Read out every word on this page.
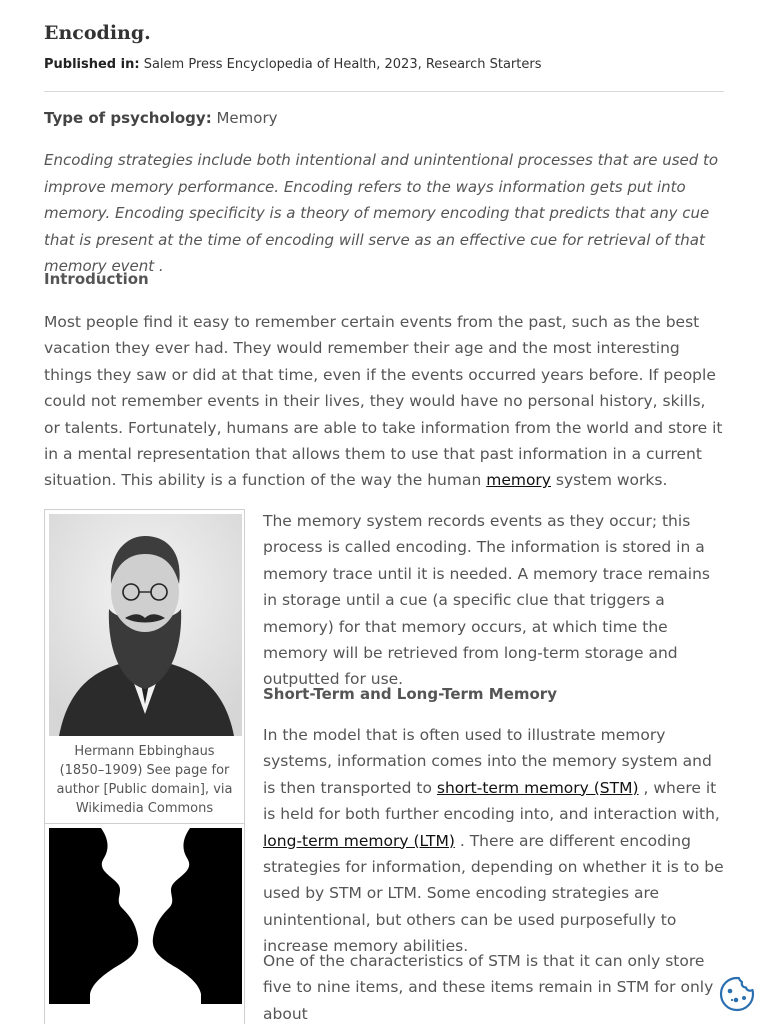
Encoding.
Published in: Salem Press Encyclopedia of Health, 2023, Research Starters
Type of psychology: Memory

Encoding strategies include both intentional and unintentional processes that are used to improve memory performance. Encoding refers to the ways information gets put into memory. Encoding specificity is a theory of memory encoding that predicts that any cue that is present at the time of encoding will serve as an effective cue for retrieval of that memory event .

Introduction

Most people find it easy to remember certain events from the past, such as the best vacation they ever had. They would remember their age and the most interesting things they saw or did at that time, even if the events occurred years before. If people could not remember events in their lives, they would have no personal history, skills, or talents. Fortunately, humans are able to take information from the world and store it in a mental representation that allows them to use that past information in a current situation. This ability is a function of the way the human memory system works.

Hermann Ebbinghaus (1850–1909) See page for author [Public domain], via Wikimedia Commons

The memory system records events as they occur; this process is called encoding. The information is stored in a memory trace until it is needed. A memory trace remains in storage until a cue (a specific clue that triggers a memory) for that memory occurs, at which time the memory will be retrieved from long-term storage and outputted for use.

Short-Term and Long-Term Memory

In the model that is often used to illustrate memory systems, information comes into the memory system and is then transported to short-term memory (STM) , where it is held for both further encoding into, and interaction with, long-term memory (LTM) . There are different encoding strategies for information, depending on whether it is to be used by STM or LTM. Some encoding strategies are unintentional, but others can be used purposefully to increase memory abilities.

One of the characteristics of STM is that it can only store five to nine items, and these items remain in STM for only about
